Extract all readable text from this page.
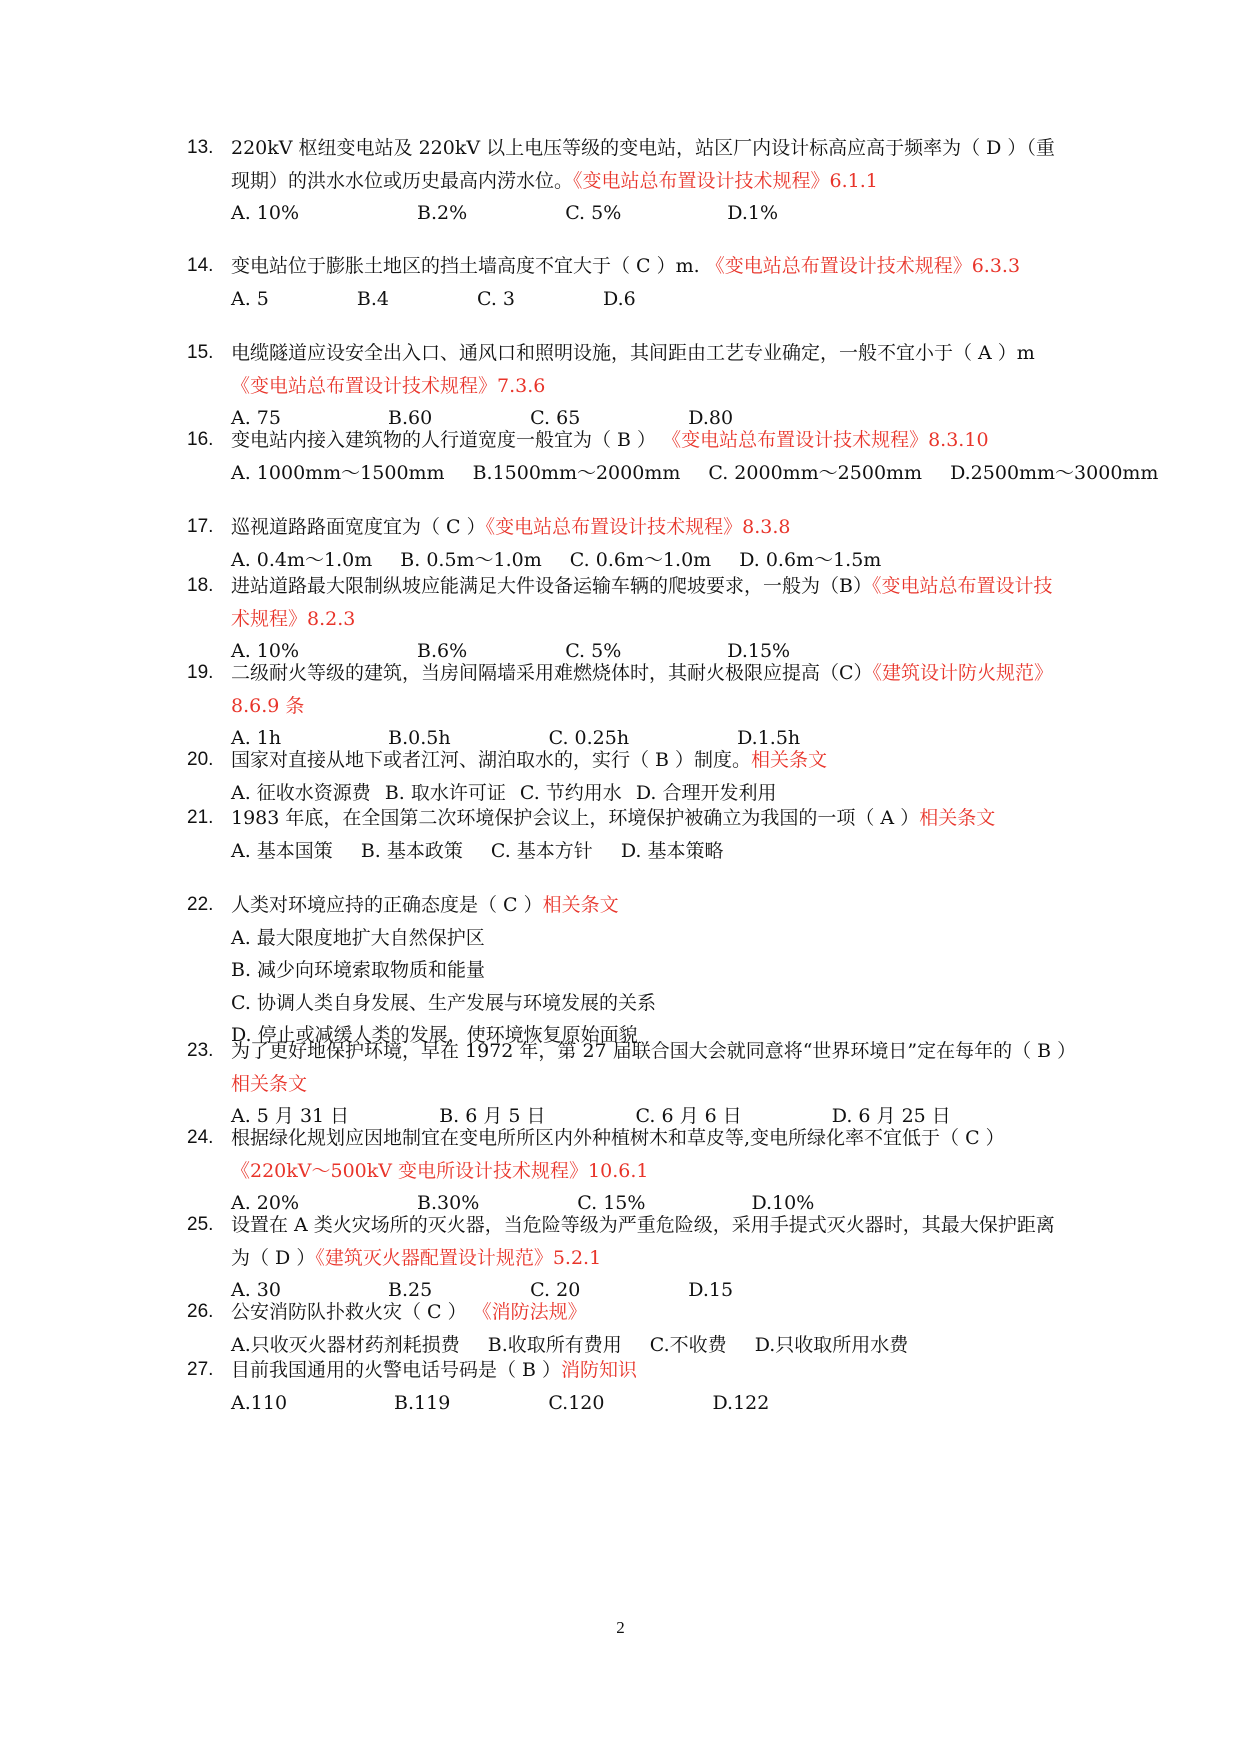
13. 220kV 枢纽变电站及 220kV 以上电压等级的变电站，站区厂内设计标高应高于频率为（ D ）（重现期）的洪水水位或历史最高内涝水位。《变电站总布置设计技术规程》6.1.1
A. 10%	B.2%	C. 5%	D.1%
14. 变电站位于膨胀土地区的挡土墙高度不宜大于（ C ）m. 《变电站总布置设计技术规程》6.3.3
A. 5	B.4	C. 3	D.6
15. 电缆隧道应设安全出入口、通风口和照明设施，其间距由工艺专业确定，一般不宜小于（ A ）m《变电站总布置设计技术规程》7.3.6
A. 75	B.60	C. 65	D.80
16. 变电站内接入建筑物的人行道宽度一般宜为（ B ） 《变电站总布置设计技术规程》8.3.10
A. 1000mm～1500mm B.1500mm～2000mm C. 2000mm～2500mm D.2500mm～3000mm
17. 巡视道路路面宽度宜为（ C ）《变电站总布置设计技术规程》8.3.8
A. 0.4m～1.0m B. 0.5m～1.0m C. 0.6m～1.0m D. 0.6m～1.5m
18. 进站道路最大限制纵坡应能满足大件设备运输车辆的爬坡要求，一般为（B）《变电站总布置设计技术规程》8.2.3
A. 10%	B.6%	C. 5%	D.15%
19. 二级耐火等级的建筑，当房间隔墙采用难燃烧体时，其耐火极限应提高（C）《建筑设计防火规范》8.6.9 条
A. 1h	B.0.5h	C. 0.25h	D.1.5h
20. 国家对直接从地下或者江河、湖泊取水的，实行（ B ）制度。相关条文
A. 征收水资源费 B. 取水许可证 C. 节约用水 D. 合理开发利用
21. 1983 年底，在全国第二次环境保护会议上，环境保护被确立为我国的一项（ A ）相关条文
A. 基本国策 B. 基本政策 C. 基本方针 D. 基本策略
22. 人类对环境应持的正确态度是（ C ）相关条文
A. 最大限度地扩大自然保护区
B. 减少向环境索取物质和能量
C. 协调人类自身发展、生产发展与环境发展的关系
D. 停止或减缓人类的发展，使环境恢复原始面貌
23. 为了更好地保护环境，早在 1972 年，第 27 届联合国大会就同意将“世界环境日”定在每年的（ B ）相关条文
A. 5 月 31 日	B. 6 月 5 日	C. 6 月 6 日	D. 6 月 25 日
24. 根据绿化规划应因地制宜在变电所所区内外种植树木和草皮等,变电所绿化率不宜低于（ C ） 《220kV～500kV 变电所设计技术规程》10.6.1
A. 20%	B.30%	C. 15%	D.10%
25. 设置在 A 类火灾场所的灭火器，当危险等级为严重危险级，采用手提式灭火器时，其最大保护距离为（ D ）《建筑灭火器配置设计规范》5.2.1
A. 30	B.25	C. 20	D.15
26. 公安消防队扑救火灾（ C ） 《消防法规》
A.只收灭火器材药剂耗损费 B.收取所有费用 C.不收费 D.只收取所用水费
27. 目前我国通用的火警电话号码是（ B ）消防知识
A.110	B.119	C.120	D.122
2
